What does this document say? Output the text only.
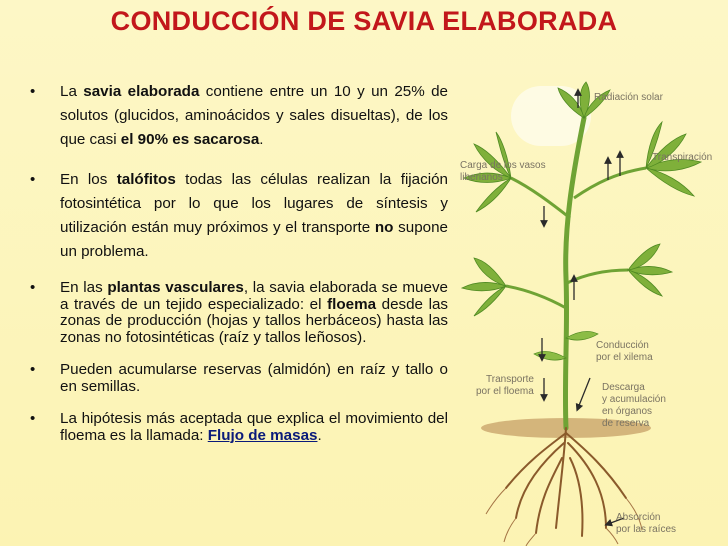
CONDUCCIÓN DE SAVIA ELABORADA
• La savia elaborada contiene entre un 10 y un 25% de solutos (glucidos, aminoácidos y sales disueltas), de los que casi el 90% es sacarosa.
• En los talófitos todas las células realizan la fijación fotosintética por lo que los lugares de síntesis y utilización están muy próximos y el transporte no supone un problema.
• En las plantas vasculares, la savia elaborada se mueve a través de un tejido especializado: el floema desde las zonas de producción (hojas y tallos herbáceos) hasta las zonas no fotosintéticas (raíz y tallos leñosos).
• Pueden acumularse reservas (almidón) en raíz y tallo o en semillas.
• La hipótesis más aceptada que explica el movimiento del floema es la llamada: Flujo de masas.
Radiación solar
Carga de los vasos
liberianos
Transpiración
Conducción
por el xilema
Transporte
por el floema	Descarga
y acumulación
en órganos
de reserva
Absorción
por las raíces
